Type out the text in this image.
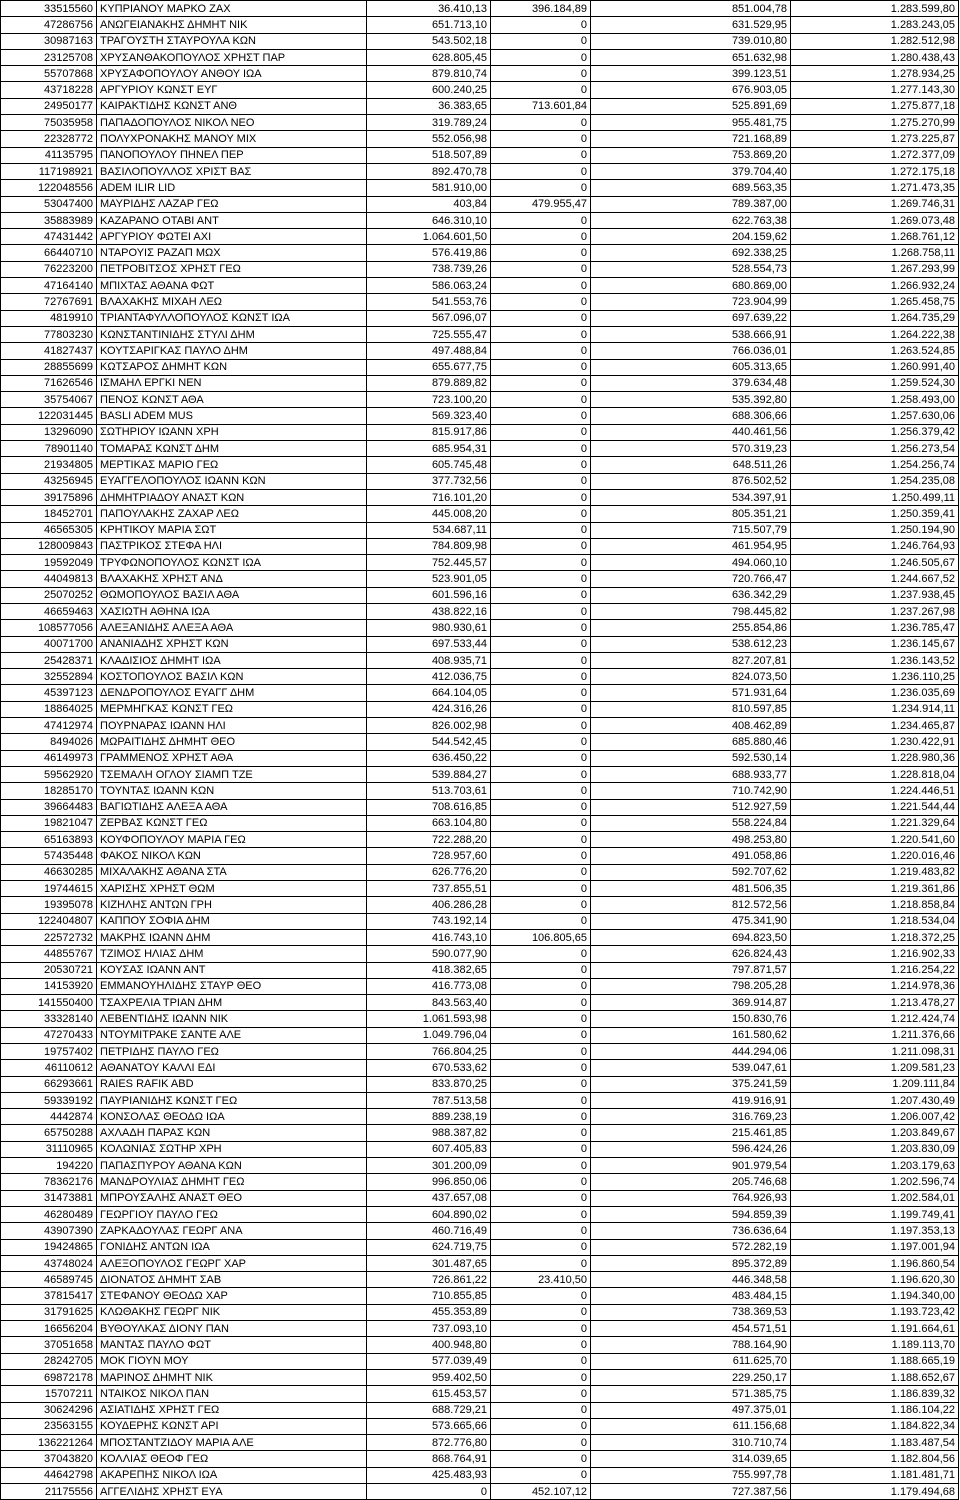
33515560	ΚΥΠΡΙΑΝΟΥ ΜΑΡΚΟ ΖΑΧ	36.410,13	396.184,89	851.004,78	1.283.599,80
47286756	ΑΝΩΓΕΙΑΝΑΚΗΣ ΔΗΜΗΤ ΝΙΚ	651.713,10	0	631.529,95	1.283.243,05
30987163	ΤΡΑΓΟΥΣΤΗ ΣΤΑΥΡΟΥΛΑ ΚΩΝ	543.502,18	0	739.010,80	1.282.512,98
23125708	ΧΡΥΣΑΝΘΑΚΟΠΟΥΛΟΣ ΧΡΗΣΤ ΠΑΡ	628.805,45	0	651.632,98	1.280.438,43
55707868	ΧΡΥΣΑΦΟΠΟΥΛΟΥ ΑΝΘΟΥ ΙΩΑ	879.810,74	0	399.123,51	1.278.934,25
43718228	ΑΡΓΥΡΙΟΥ ΚΩΝΣΤ ΕΥΓ	600.240,25	0	676.903,05	1.277.143,30
24950177	ΚΑΙΡΑΚΤΙΔΗΣ ΚΩΝΣΤ ΑΝΘ	36.383,65	713.601,84	525.891,69	1.275.877,18
75035958	ΠΑΠΑΔΟΠΟΥΛΟΣ ΝΙΚΟΛ ΝΕΟ	319.789,24	0	955.481,75	1.275.270,99
22328772	ΠΟΛΥΧΡΟΝΑΚΗΣ ΜΑΝΟΥ ΜΙΧ	552.056,98	0	721.168,89	1.273.225,87
41135795	ΠΑΝΟΠΟΥΛΟΥ ΠΗΝΕΛ ΠΕΡ	518.507,89	0	753.869,20	1.272.377,09
117198921	ΒΑΣΙΛΟΠΟΥΛΛΟΣ ΧΡΙΣΤ ΒΑΣ	892.470,78	0	379.704,40	1.272.175,18
122048556	ADEM ILIR LID	581.910,00	0	689.563,35	1.271.473,35
53047400	ΜΑΥΡΙΔΗΣ ΛΑΖΑΡ ΓΕΩ	403,84	479.955,47	789.387,00	1.269.746,31
35883989	ΚΑΖΑΡΑΝΟ ΟΤΑΒΙ ΑΝΤ	646.310,10	0	622.763,38	1.269.073,48
47431442	ΑΡΓΥΡΙΟΥ ΦΩΤΕΙ ΑΧΙ	1.064.601,50	0	204.159,62	1.268.761,12
66440710	ΝΤΑΡΟΥΙΣ ΡΑΖΑΠ ΜΩΧ	576.419,86	0	692.338,25	1.268.758,11
76223200	ΠΕΤΡΟΒΙΤΣΟΣ ΧΡΗΣΤ ΓΕΩ	738.739,26	0	528.554,73	1.267.293,99
47164140	ΜΠΙΧΤΑΣ ΑΘΑΝΑ ΦΩΤ	586.063,24	0	680.869,00	1.266.932,24
72767691	ΒΛΑΧΑΚΗΣ ΜΙΧΑΗ ΛΕΩ	541.553,76	0	723.904,99	1.265.458,75
4819910	ΤΡΙΑΝΤΑΦΥΛΛΟΠΟΥΛΟΣ ΚΩΝΣΤ ΙΩΑ	567.096,07	0	697.639,22	1.264.735,29
77803230	ΚΩΝΣΤΑΝΤΙΝΙΔΗΣ ΣΤΥΛΙ ΔΗΜ	725.555,47	0	538.666,91	1.264.222,38
41827437	ΚΟΥΤΣΑΡΙΓΚΑΣ ΠΑΥΛΟ ΔΗΜ	497.488,84	0	766.036,01	1.263.524,85
28855699	ΚΩΤΣΑΡΟΣ ΔΗΜΗΤ ΚΩΝ	655.677,75	0	605.313,65	1.260.991,40
71626546	ΙΣΜΑΗΛ ΕΡΓΚΙ ΝΕΝ	879.889,82	0	379.634,48	1.259.524,30
35754067	ΠΕΝΟΣ ΚΩΝΣΤ ΑΘΑ	723.100,20	0	535.392,80	1.258.493,00
122031445	BASLI ADEM MUS	569.323,40	0	688.306,66	1.257.630,06
13296090	ΣΩΤΗΡΙΟΥ ΙΩΑΝΝ ΧΡΗ	815.917,86	0	440.461,56	1.256.379,42
78901140	ΤΟΜΑΡΑΣ ΚΩΝΣΤ ΔΗΜ	685.954,31	0	570.319,23	1.256.273,54
21934805	ΜΕΡΤΙΚΑΣ ΜΑΡΙΟ ΓΕΩ	605.745,48	0	648.511,26	1.254.256,74
43256945	ΕΥΑΓΓΕΛΟΠΟΥΛΟΣ ΙΩΑΝΝ ΚΩΝ	377.732,56	0	876.502,52	1.254.235,08
39175896	ΔΗΜΗΤΡΙΑΔΟΥ ΑΝΑΣΤ ΚΩΝ	716.101,20	0	534.397,91	1.250.499,11
18452701	ΠΑΠΟΥΛΑΚΗΣ ΖΑΧΑΡ ΛΕΩ	445.008,20	0	805.351,21	1.250.359,41
46565305	ΚΡΗΤΙΚΟΥ ΜΑΡΙΑ ΣΩΤ	534.687,11	0	715.507,79	1.250.194,90
128009843	ΠΑΣΤΡΙΚΟΣ ΣΤΕΦΑ ΗΛΙ	784.809,98	0	461.954,95	1.246.764,93
19592049	ΤΡΥΦΩΝΟΠΟΥΛΟΣ ΚΩΝΣΤ ΙΩΑ	752.445,57	0	494.060,10	1.246.505,67
44049813	ΒΛΑΧΑΚΗΣ ΧΡΗΣΤ ΑΝΔ	523.901,05	0	720.766,47	1.244.667,52
25070252	ΘΩΜΟΠΟΥΛΟΣ ΒΑΣΙΛ ΑΘΑ	601.596,16	0	636.342,29	1.237.938,45
46659463	ΧΑΣΙΩΤΗ ΑΘΗΝΑ ΙΩΑ	438.822,16	0	798.445,82	1.237.267,98
108577056	ΑΛΕΞΑΝΙΔΗΣ ΑΛΕΞΑ ΑΘΑ	980.930,61	0	255.854,86	1.236.785,47
40071700	ΑΝΑΝΙΑΔΗΣ ΧΡΗΣΤ ΚΩΝ	697.533,44	0	538.612,23	1.236.145,67
25428371	ΚΛΑΔΙΣΙΟΣ ΔΗΜΗΤ ΙΩΑ	408.935,71	0	827.207,81	1.236.143,52
32552894	ΚΟΣΤΟΠΟΥΛΟΣ ΒΑΣΙΛ ΚΩΝ	412.036,75	0	824.073,50	1.236.110,25
45397123	ΔΕΝΔΡΟΠΟΥΛΟΣ ΕΥΑΓΓ ΔΗΜ	664.104,05	0	571.931,64	1.236.035,69
18864025	ΜΕΡΜΗΓΚΑΣ ΚΩΝΣΤ ΓΕΩ	424.316,26	0	810.597,85	1.234.914,11
47412974	ΠΟΥΡΝΑΡΑΣ ΙΩΑΝΝ ΗΛΙ	826.002,98	0	408.462,89	1.234.465,87
8494026	ΜΩΡΑΙΤΙΔΗΣ ΔΗΜΗΤ ΘΕΟ	544.542,45	0	685.880,46	1.230.422,91
46149973	ΓΡΑΜΜΕΝΟΣ ΧΡΗΣΤ ΑΘΑ	636.450,22	0	592.530,14	1.228.980,36
59562920	ΤΣΕΜΑΛΗ ΟΓΛΟΥ ΣΙΑΜΠ ΤΖΕ	539.884,27	0	688.933,77	1.228.818,04
18285170	ΤΟΥΝΤΑΣ ΙΩΑΝΝ ΚΩΝ	513.703,61	0	710.742,90	1.224.446,51
39664483	ΒΑΓΙΩΤΙΔΗΣ ΑΛΕΞΑ ΑΘΑ	708.616,85	0	512.927,59	1.221.544,44
19821047	ΖΕΡΒΑΣ ΚΩΝΣΤ ΓΕΩ	663.104,80	0	558.224,84	1.221.329,64
65163893	ΚΟΥΦΟΠΟΥΛΟΥ ΜΑΡΙΑ ΓΕΩ	722.288,20	0	498.253,80	1.220.541,60
57435448	ΦΑΚΟΣ ΝΙΚΟΛ ΚΩΝ	728.957,60	0	491.058,86	1.220.016,46
46630285	ΜΙΧΑΛΑΚΗΣ ΑΘΑΝΑ ΣΤΑ	626.776,20	0	592.707,62	1.219.483,82
19744615	ΧΑΡΙΣΗΣ ΧΡΗΣΤ ΘΩΜ	737.855,51	0	481.506,35	1.219.361,86
19395078	ΚΙΖΗΛΗΣ ΑΝΤΩΝ ΓΡΗ	406.286,28	0	812.572,56	1.218.858,84
122404807	ΚΑΠΠΟΥ ΣΟΦΙΑ ΔΗΜ	743.192,14	0	475.341,90	1.218.534,04
22572732	ΜΑΚΡΗΣ ΙΩΑΝΝ ΔΗΜ	416.743,10	106.805,65	694.823,50	1.218.372,25
44855767	ΤΖΙΜΟΣ ΗΛΙΑΣ ΔΗΜ	590.077,90	0	626.824,43	1.216.902,33
20530721	ΚΟΥΣΑΣ ΙΩΑΝΝ ΑΝΤ	418.382,65	0	797.871,57	1.216.254,22
14153920	ΕΜΜΑΝΟΥΗΛΙΔΗΣ ΣΤΑΥΡ ΘΕΟ	416.773,08	0	798.205,28	1.214.978,36
141550400	ΤΣΑΧΡΕΛΙΑ ΤΡΙΑΝ ΔΗΜ	843.563,40	0	369.914,87	1.213.478,27
33328140	ΛΕΒΕΝΤΙΔΗΣ ΙΩΑΝΝ ΝΙΚ	1.061.593,98	0	150.830,76	1.212.424,74
47270433	ΝΤΟΥΜΙΤΡΑΚΕ ΣΑΝΤΕ ΑΛΕ	1.049.796,04	0	161.580,62	1.211.376,66
19757402	ΠΕΤΡΙΔΗΣ ΠΑΥΛΟ ΓΕΩ	766.804,25	0	444.294,06	1.211.098,31
46110612	ΑΘΑΝΑΤΟΥ ΚΑΛΛΙ ΕΔΙ	670.533,62	0	539.047,61	1.209.581,23
66293661	RAIES RAFIK ABD	833.870,25	0	375.241,59	1.209.111,84
59339192	ΠΑΥΡΙΑΝΙΔΗΣ ΚΩΝΣΤ ΓΕΩ	787.513,58	0	419.916,91	1.207.430,49
4442874	ΚΟΝΣΟΛΑΣ ΘΕΟΔΩ ΙΩΑ	889.238,19	0	316.769,23	1.206.007,42
65750288	ΑΧΛΑΔΗ ΠΑΡΑΣ ΚΩΝ	988.387,82	0	215.461,85	1.203.849,67
31110965	ΚΟΛΩΝΙΑΣ ΣΩΤΗΡ ΧΡΗ	607.405,83	0	596.424,26	1.203.830,09
194220	ΠΑΠΑΣΠΥΡΟΥ ΑΘΑΝΑ ΚΩΝ	301.200,09	0	901.979,54	1.203.179,63
78362176	ΜΑΝΔΡΟΥΛΙΑΣ ΔΗΜΗΤ ΓΕΩ	996.850,06	0	205.746,68	1.202.596,74
31473881	ΜΠΡΟΥΣΑΛΗΣ ΑΝΑΣΤ ΘΕΟ	437.657,08	0	764.926,93	1.202.584,01
46280489	ΓΕΩΡΓΙΟΥ ΠΑΥΛΟ ΓΕΩ	604.890,02	0	594.859,39	1.199.749,41
43907390	ΖΑΡΚΑΔΟΥΛΑΣ ΓΕΩΡΓ ΑΝΑ	460.716,49	0	736.636,64	1.197.353,13
19424865	ΓΟΝΙΔΗΣ ΑΝΤΩΝ ΙΩΑ	624.719,75	0	572.282,19	1.197.001,94
43748024	ΑΛΕΞΟΠΟΥΛΟΣ ΓΕΩΡΓ ΧΑΡ	301.487,65	0	895.372,89	1.196.860,54
46589745	ΔΙΟΝΑΤΟΣ ΔΗΜΗΤ ΣΑΒ	726.861,22	23.410,50	446.348,58	1.196.620,30
37815417	ΣΤΕΦΑΝΟΥ ΘΕΟΔΩ ΧΑΡ	710.855,85	0	483.484,15	1.194.340,00
31791625	ΚΛΩΘΑΚΗΣ ΓΕΩΡΓ ΝΙΚ	455.353,89	0	738.369,53	1.193.723,42
16656204	ΒΥΘΟΥΛΚΑΣ ΔΙΟΝΥ ΠΑΝ	737.093,10	0	454.571,51	1.191.664,61
37051658	ΜΑΝΤΑΣ ΠΑΥΛΟ ΦΩΤ	400.948,80	0	788.164,90	1.189.113,70
28242705	ΜΟΚ ΓΙΟΥΝ ΜΟΥ	577.039,49	0	611.625,70	1.188.665,19
69872178	ΜΑΡΙΝΟΣ ΔΗΜΗΤ ΝΙΚ	959.402,50	0	229.250,17	1.188.652,67
15707211	ΝΤΑΙΚΟΣ ΝΙΚΟΛ ΠΑΝ	615.453,57	0	571.385,75	1.186.839,32
30624296	ΑΣΙΑΤΙΔΗΣ ΧΡΗΣΤ ΓΕΩ	688.729,21	0	497.375,01	1.186.104,22
23563155	ΚΟΥΔΕΡΗΣ ΚΩΝΣΤ ΑΡΙ	573.665,66	0	611.156,68	1.184.822,34
136221264	ΜΠΟΣΤΑΝΤΖΙΔΟΥ ΜΑΡΙΑ ΑΛΕ	872.776,80	0	310.710,74	1.183.487,54
37043820	ΚΟΛΛΙΑΣ ΘΕΟΦ ΓΕΩ	868.764,91	0	314.039,65	1.182.804,56
44642798	ΑΚΑΡΕΠΗΣ ΝΙΚΟΛ ΙΩΑ	425.483,93	0	755.997,78	1.181.481,71
21175556	ΑΓΓΕΛΙΔΗΣ ΧΡΗΣΤ ΕΥΑ	0	452.107,12	727.387,56	1.179.494,68
